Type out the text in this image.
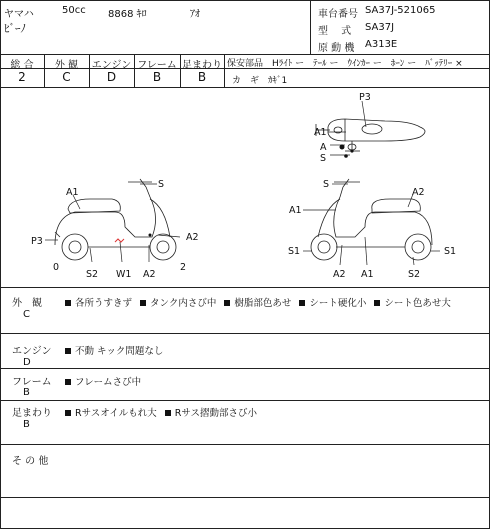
ヤマハ	50cc 8868 ｷﾛ	ｱｵ
ﾋﾞｰﾉ
車台番号 SA37J-521065
型　 式 SA37J
原 動 機 A313E
総 合	外 観	エンジン フレーム 足まわり
2	C	D	B	B
保安部品 Hﾗｲﾄ ー　ﾃｰﾙ ー　ｳｲﾝｶｰ ー　ﾎｰﾝ ー　ﾊﾞｯﾃﾘｰ ×
カ　ギ　ｶｷﾞ1
P3
A1
A
S
S
A1
P3	A2
0
S2 W1 A2
2
S
A2
A1
S1	S1
A2 A1	S2
外　観
C
各所うすきず タンク内さび中 樹脂部色あせ シート硬化小 シート色あせ大
エンジン
D
不動 キック問題なし
フレーム
B
フレームさび中
足まわり
B
Rサスオイルもれ大 Rサス摺動部さび小
そ の 他
